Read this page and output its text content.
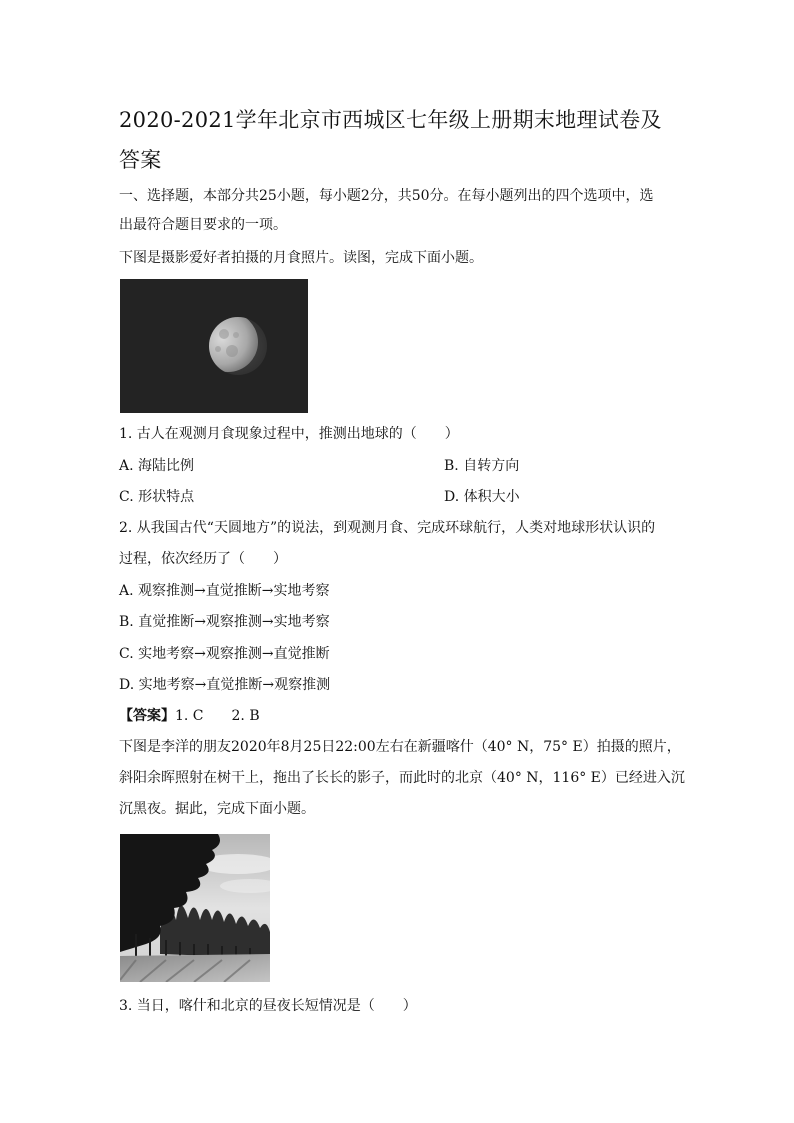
2020-2021学年北京市西城区七年级上册期末地理试卷及答案
一、选择题，本部分共25小题，每小题2分，共50分。在每小题列出的四个选项中，选
出最符合题目要求的一项。
下图是摄影爱好者拍摄的月食照片。读图，完成下面小题。
1. 古人在观测月食现象过程中，推测出地球的（　　）
A. 海陆比例	B. 自转方向
C. 形状特点	D. 体积大小
2. 从我国古代“天圆地方”的说法，到观测月食、完成环球航行，人类对地球形状认识的
过程，依次经历了（　　）
A. 观察推测→直觉推断→实地考察
B. 直觉推断→观察推测→实地考察
C. 实地考察→观察推测→直觉推断
D. 实地考察→直觉推断→观察推测
【答案】1. C　　2. B
下图是李洋的朋友2020年8月25日22:00左右在新疆喀什（40° N，75° E）拍摄的照片，
斜阳余晖照射在树干上，拖出了长长的影子，而此时的北京（40° N，116° E）已经进入沉
沉黑夜。据此，完成下面小题。
3. 当日，喀什和北京的昼夜长短情况是（　　）
